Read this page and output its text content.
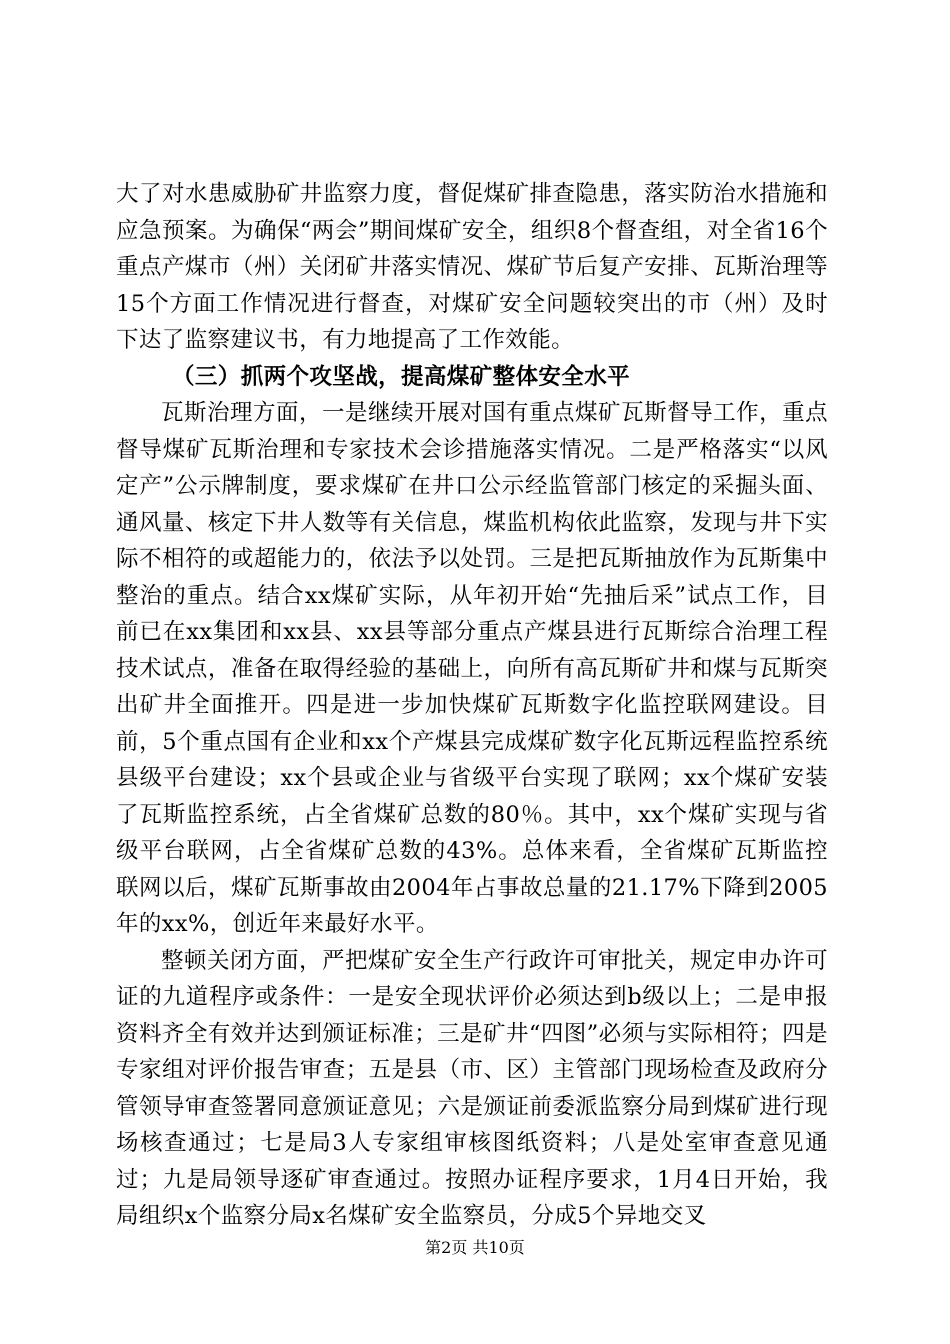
大了对水患威胁矿井监察力度，督促煤矿排查隐患，落实防治水措施和应急预案。为确保“两会”期间煤矿安全，组织8个督查组，对全省16个重点产煤市（州）关闭矿井落实情况、煤矿节后复产安排、瓦斯治理等15个方面工作情况进行督查，对煤矿安全问题较突出的市（州）及时下达了监察建议书，有力地提高了工作效能。

（三）抓两个攻坚战，提高煤矿整体安全水平

瓦斯治理方面，一是继续开展对国有重点煤矿瓦斯督导工作，重点督导煤矿瓦斯治理和专家技术会诊措施落实情况。二是严格落实“以风定产”公示牌制度，要求煤矿在井口公示经监管部门核定的采掘头面、通风量、核定下井人数等有关信息，煤监机构依此监察，发现与井下实际不相符的或超能力的，依法予以处罚。三是把瓦斯抽放作为瓦斯集中整治的重点。结合xx煤矿实际，从年初开始“先抽后采”试点工作，目前已在xx集团和xx县、xx县等部分重点产煤县进行瓦斯综合治理工程技术试点，准备在取得经验的基础上，向所有高瓦斯矿井和煤与瓦斯突出矿井全面推开。四是进一步加快煤矿瓦斯数字化监控联网建设。目前，5个重点国有企业和xx个产煤县完成煤矿数字化瓦斯远程监控系统县级平台建设；xx个县或企业与省级平台实现了联网；xx个煤矿安装了瓦斯监控系统，占全省煤矿总数的80％。其中，xx个煤矿实现与省级平台联网，占全省煤矿总数的43%。总体来看，全省煤矿瓦斯监控联网以后，煤矿瓦斯事故由2004年占事故总量的21.17%下降到2005年的xx%，创近年来最好水平。

整顿关闭方面，严把煤矿安全生产行政许可审批关，规定申办许可证的九道程序或条件：一是安全现状评价必须达到b级以上；二是申报资料齐全有效并达到颁证标准；三是矿井“四图”必须与实际相符；四是专家组对评价报告审查；五是县（市、区）主管部门现场检查及政府分管领导审查签署同意颁证意见；六是颁证前委派监察分局到煤矿进行现场核查通过；七是局3人专家组审核图纸资料；八是处室审查意见通过；九是局领导逐矿审查通过。按照办证程序要求，1月4日开始，我局组织x个监察分局x名煤矿安全监察员，分成5个异地交叉

第2页 共10页
